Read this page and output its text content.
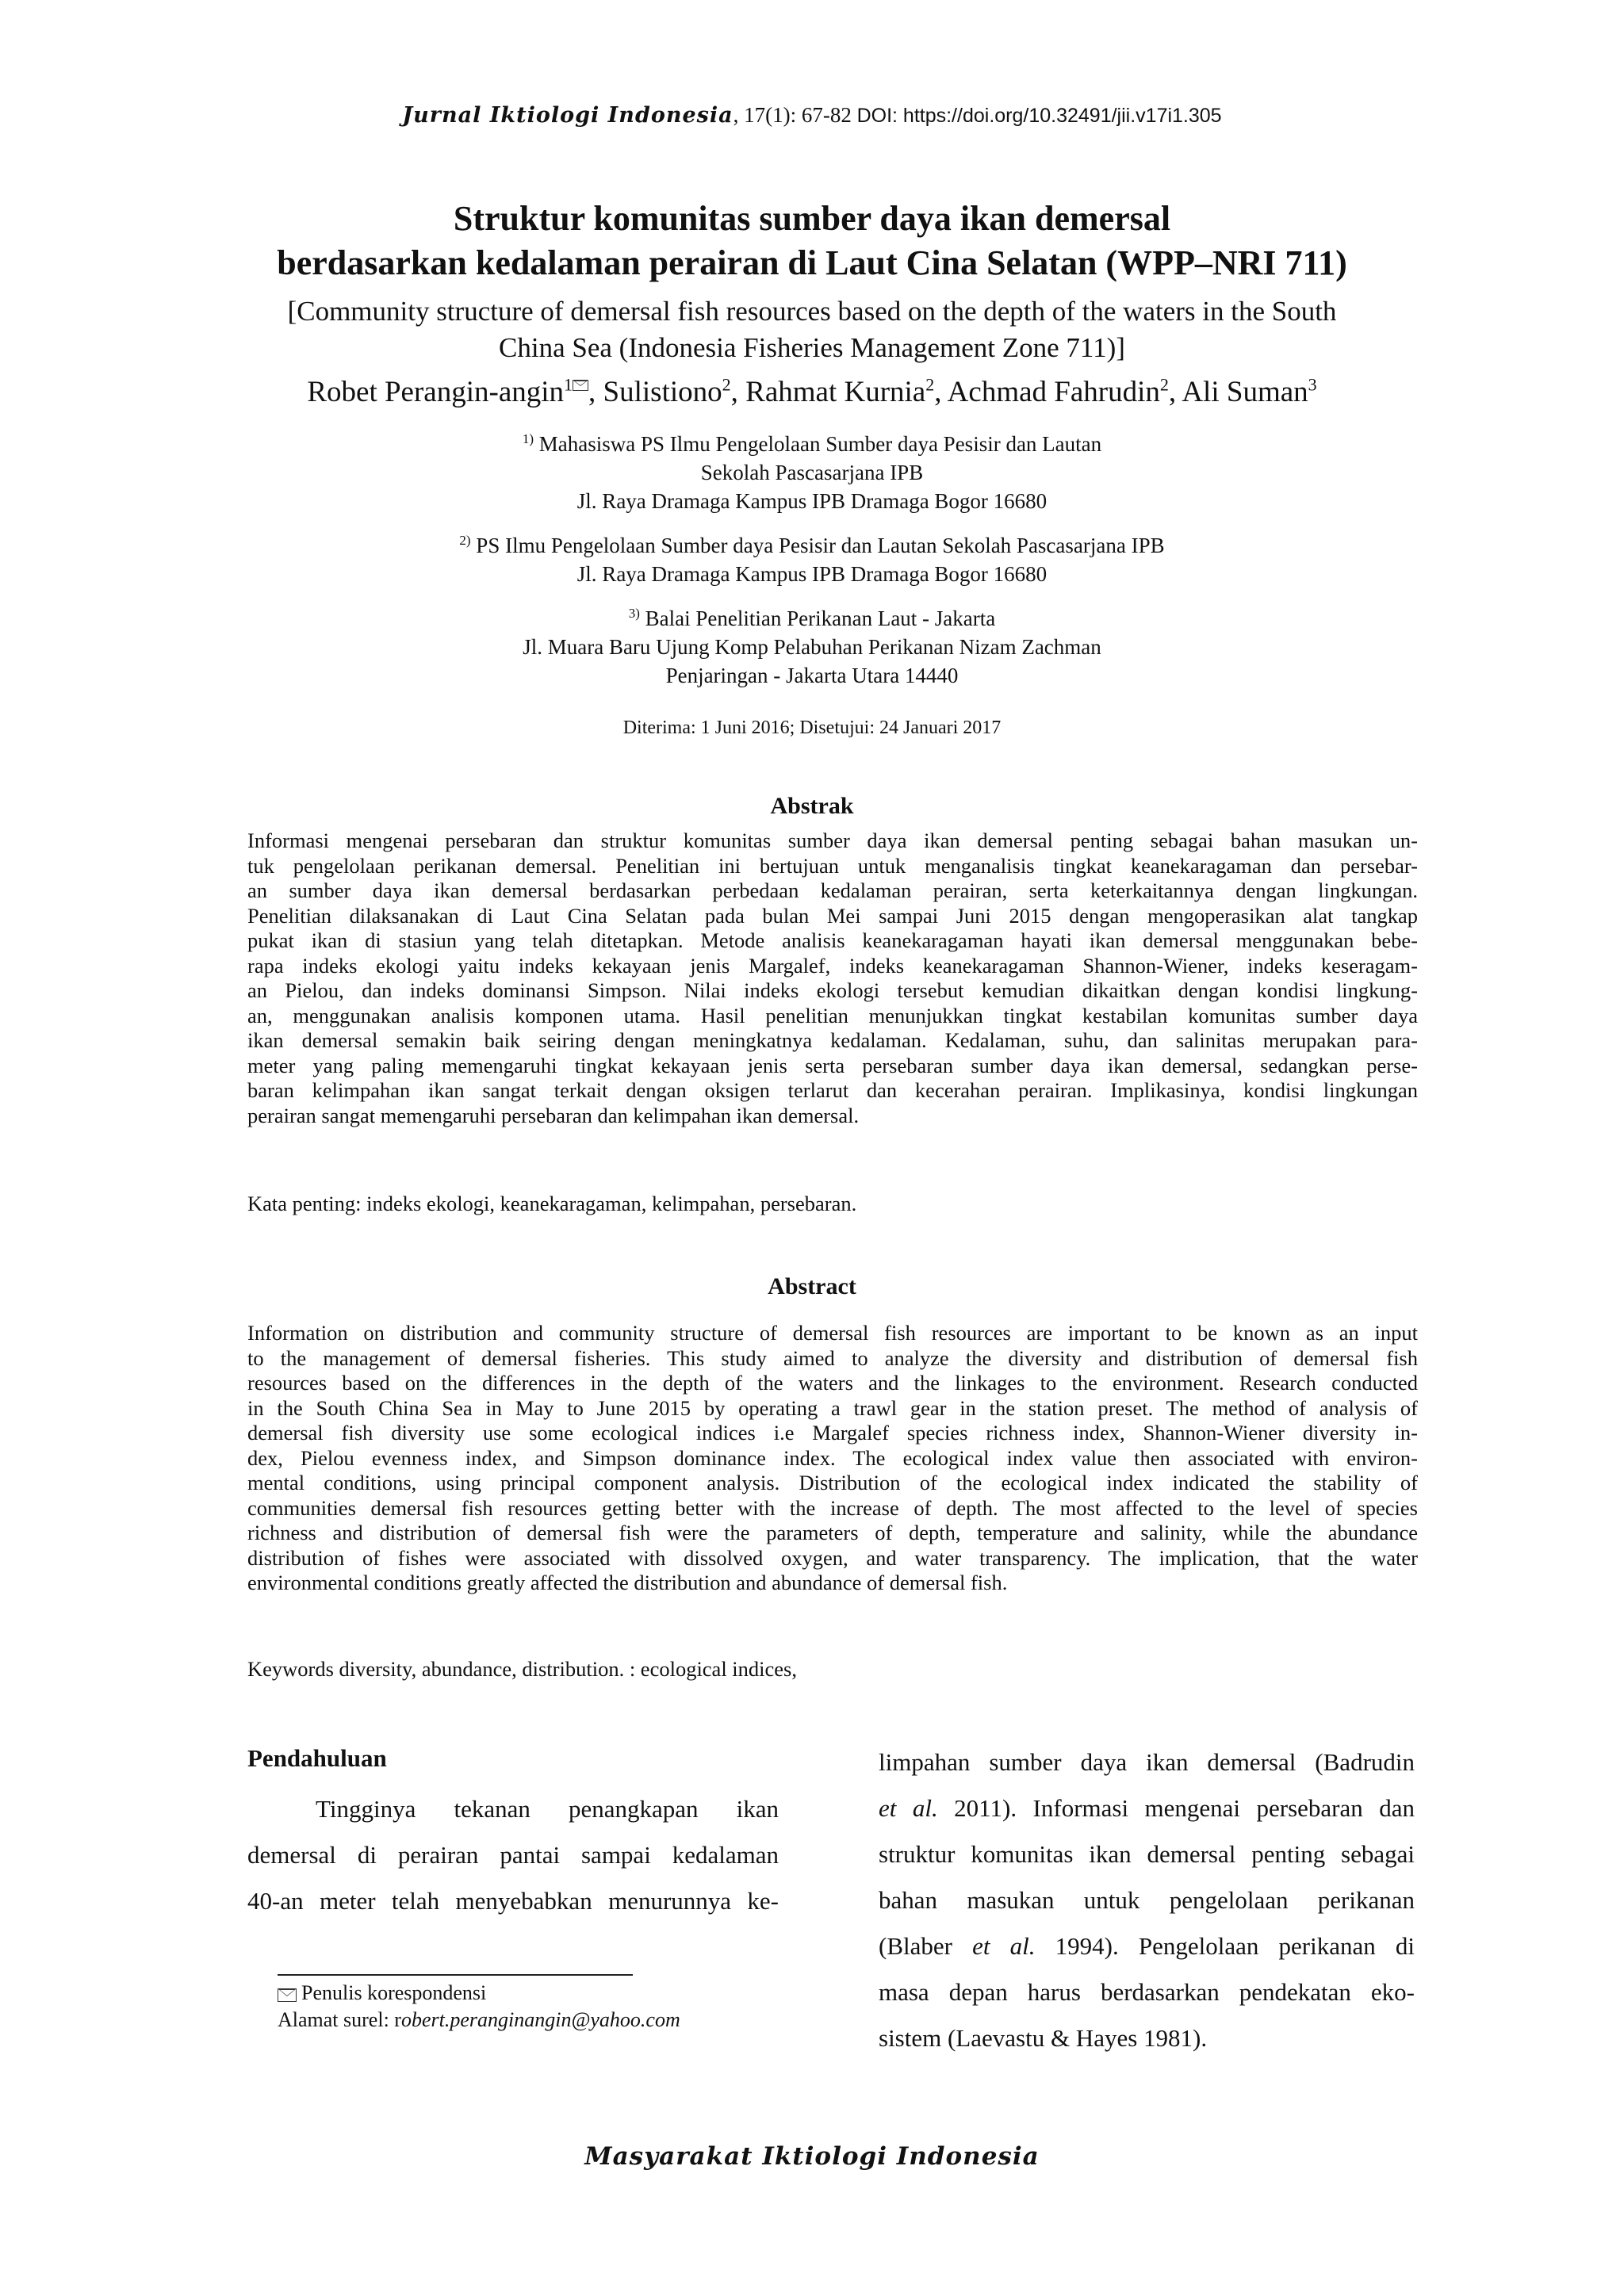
Jurnal Iktiologi Indonesia, 17(1): 67-82 DOI: https://doi.org/10.32491/jii.v17i1.305
Struktur komunitas sumber daya ikan demersal
berdasarkan kedalaman perairan di Laut Cina Selatan (WPP–NRI 711)
[Community structure of demersal fish resources based on the depth of the waters in the South
China Sea (Indonesia Fisheries Management Zone 711)]
Robet Perangin-angin$^1$ , Sulistiono$^2$, Rahmat Kurnia$^2$, Achmad Fahrudin$^2$, Ali Suman$^3$
$^{1)}$ Mahasiswa PS Ilmu Pengelolaan Sumber daya Pesisir dan Lautan
Sekolah Pascasarjana IPB
Jl. Raya Dramaga Kampus IPB Dramaga Bogor 16680
$^{2)}$ PS Ilmu Pengelolaan Sumber daya Pesisir dan Lautan Sekolah Pascasarjana IPB
Jl. Raya Dramaga Kampus IPB Dramaga Bogor 16680
$^{3)}$ Balai Penelitian Perikanan Laut - Jakarta
Jl. Muara Baru Ujung Komp Pelabuhan Perikanan Nizam Zachman
Penjaringan - Jakarta Utara 14440
Diterima: 1 Juni 2016; Disetujui: 24 Januari 2017
Abstrak
Informasi mengenai persebaran dan struktur komunitas sumber daya ikan demersal penting sebagai bahan masukan un-
tuk pengelolaan perikanan demersal. Penelitian ini bertujuan untuk menganalisis tingkat keanekaragaman dan persebar-
an sumber daya ikan demersal berdasarkan perbedaan kedalaman perairan, serta keterkaitannya dengan lingkungan.
Penelitian dilaksanakan di Laut Cina Selatan pada bulan Mei sampai Juni 2015 dengan mengoperasikan alat tangkap
pukat ikan di stasiun yang telah ditetapkan. Metode analisis keanekaragaman hayati ikan demersal menggunakan bebe-
rapa indeks ekologi yaitu indeks kekayaan jenis Margalef, indeks keanekaragaman Shannon-Wiener, indeks keseragam-
an Pielou, dan indeks dominansi Simpson. Nilai indeks ekologi tersebut kemudian dikaitkan dengan kondisi lingkung-
an, menggunakan analisis komponen utama. Hasil penelitian menunjukkan tingkat kestabilan komunitas sumber daya
ikan demersal semakin baik seiring dengan meningkatnya kedalaman. Kedalaman, suhu, dan salinitas merupakan para-
meter yang paling memengaruhi tingkat kekayaan jenis serta persebaran sumber daya ikan demersal, sedangkan perse-
baran kelimpahan ikan sangat terkait dengan oksigen terlarut dan kecerahan perairan. Implikasinya, kondisi lingkungan
perairan sangat memengaruhi persebaran dan kelimpahan ikan demersal.
Kata penting: indeks ekologi, keanekaragaman, kelimpahan, persebaran.
Abstract
Information on distribution and community structure of demersal fish resources are important to be known as an input
to the management of demersal fisheries. This study aimed to analyze the diversity and distribution of demersal fish
resources based on the differences in the depth of the waters and the linkages to the environment. Research conducted
in the South China Sea in May to June 2015 by operating a trawl gear in the station preset. The method of analysis of
demersal fish diversity use some ecological indices i.e Margalef species richness index, Shannon-Wiener diversity in-
dex, Pielou evenness index, and Simpson dominance index. The ecological index value then associated with environ-
mental conditions, using principal component analysis. Distribution of the ecological index indicated the stability of
communities demersal fish resources getting better with the increase of depth. The most affected to the level of species
richness and distribution of demersal fish were the parameters of depth, temperature and salinity, while the abundance
distribution of fishes were associated with dissolved oxygen, and water transparency. The implication, that the water
environmental conditions greatly affected the distribution and abundance of demersal fish.
Keywords diversity, abundance, distribution. : ecological indices,
Pendahuluan
Tingginya tekanan penangkapan ikan
demersal di perairan pantai sampai kedalaman
40-an meter telah menyebabkan menurunnya ke-
limpahan sumber daya ikan demersal (Badrudin
et al. 2011). Informasi mengenai persebaran dan
struktur komunitas ikan demersal penting sebagai
bahan masukan untuk pengelolaan perikanan
(Blaber et al. 1994). Pengelolaan perikanan di
masa depan harus berdasarkan pendekatan eko-
sistem (Laevastu & Hayes 1981).
Penulis korespondensi
Alamat surel: robert.peranginangin@yahoo.com
Masyarakat Iktiologi Indonesia
